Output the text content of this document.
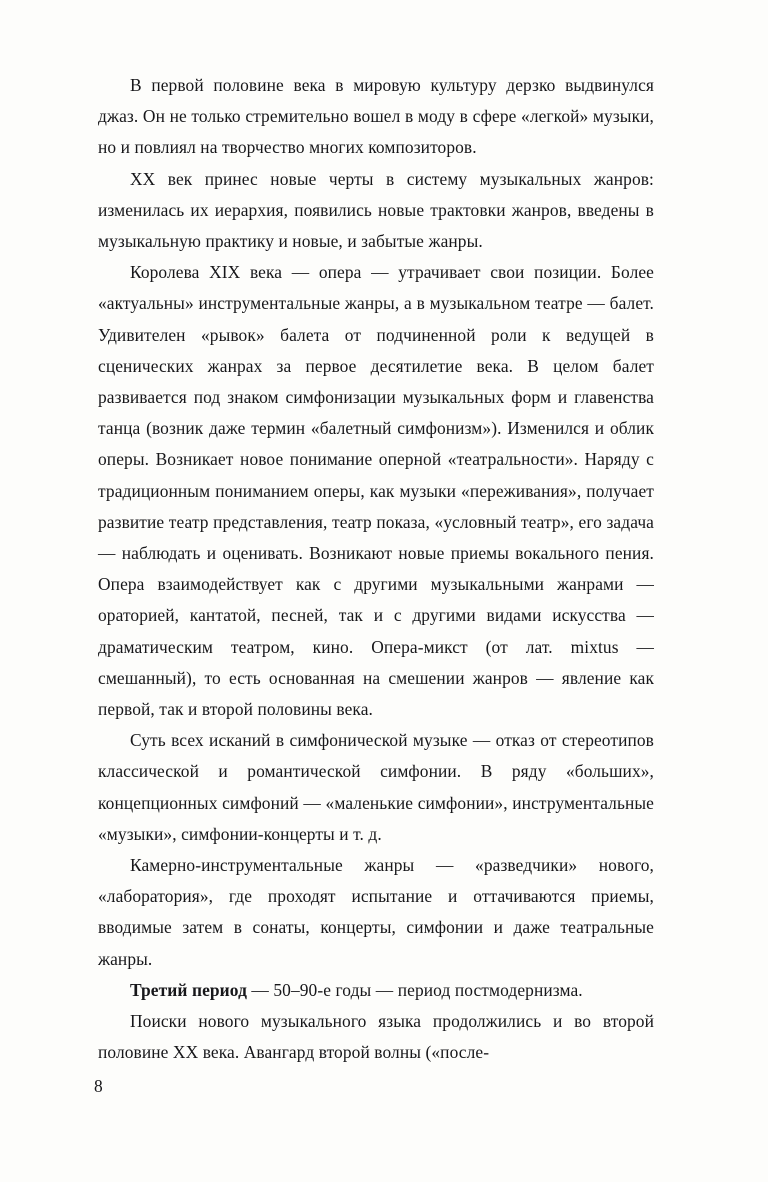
В первой половине века в мировую культуру дерзко выдвинулся джаз. Он не только стремительно вошел в моду в сфере «легкой» музыки, но и повлиял на творчество многих композиторов.

XX век принес новые черты в систему музыкальных жанров: изменилась их иерархия, появились новые трактовки жанров, введены в музыкальную практику и новые, и забытые жанры.

Королева XIX века — опера — утрачивает свои позиции. Более «актуальны» инструментальные жанры, а в музыкальном театре — балет. Удивителен «рывок» балета от подчиненной роли к ведущей в сценических жанрах за первое десятилетие века. В целом балет развивается под знаком симфонизации музыкальных форм и главенства танца (возник даже термин «балетный симфонизм»). Изменился и облик оперы. Возникает новое понимание оперной «театральности». Наряду с традиционным пониманием оперы, как музыки «переживания», получает развитие театр представления, театр показа, «условный театр», его задача — наблюдать и оценивать. Возникают новые приемы вокального пения. Опера взаимодействует как с другими музыкальными жанрами — ораторией, кантатой, песней, так и с другими видами искусства — драматическим театром, кино. Опера-микст (от лат. mixtus — смешанный), то есть основанная на смешении жанров — явление как первой, так и второй половины века.

Суть всех исканий в симфонической музыке — отказ от стереотипов классической и романтической симфонии. В ряду «больших», концепционных симфоний — «маленькие симфонии», инструментальные «музыки», симфонии-концерты и т. д.

Камерно-инструментальные жанры — «разведчики» нового, «лаборатория», где проходят испытание и оттачиваются приемы, вводимые затем в сонаты, концерты, симфонии и даже театральные жанры.

Третий период — 50–90-е годы — период постмодернизма.

Поиски нового музыкального языка продолжились и во второй половине XX века. Авангард второй волны («после-

8
